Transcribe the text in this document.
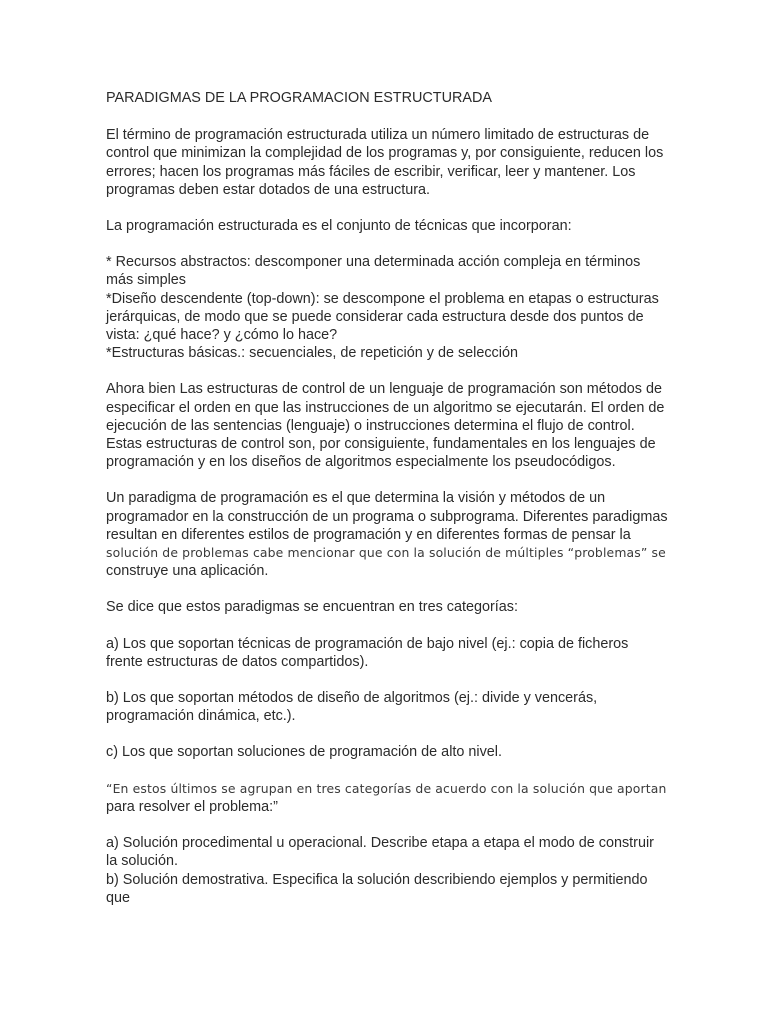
PARADIGMAS DE LA PROGRAMACION ESTRUCTURADA

El término de programación estructurada utiliza un número limitado de estructuras de control que minimizan la complejidad de los programas y, por consiguiente, reducen los errores; hacen los programas más fáciles de escribir, verificar, leer y mantener. Los programas deben estar dotados de una estructura.

La programación estructurada es el conjunto de técnicas que incorporan:

* Recursos abstractos: descomponer una determinada acción compleja en términos más simples

*Diseño descendente (top-down): se descompone el problema en etapas o estructuras jerárquicas, de modo que se puede considerar cada estructura desde dos puntos de vista: ¿qué hace? y ¿cómo lo hace?

*Estructuras básicas.: secuenciales, de repetición y de selección

Ahora bien Las estructuras de control de un lenguaje de programación son métodos de especificar el orden en que las instrucciones de un algoritmo se ejecutarán. El orden de ejecución de las sentencias (lenguaje) o instrucciones determina el flujo de control. Estas estructuras de control son, por consiguiente, fundamentales en los lenguajes de programación y en los diseños de algoritmos especialmente los pseudocódigos.

Un paradigma de programación es el que determina la visión y métodos de un programador en la construcción de un programa o subprograma. Diferentes paradigmas resultan en diferentes estilos de programación y en diferentes formas de pensar la solución de problemas cabe mencionar que con la solución de múltiples “problemas” se construye una aplicación.

Se dice que estos paradigmas se encuentran en tres categorías:

a) Los que soportan técnicas de programación de bajo nivel (ej.: copia de ficheros frente estructuras de datos compartidos).

b) Los que soportan métodos de diseño de algoritmos (ej.: divide y vencerás, programación dinámica, etc.).

c) Los que soportan soluciones de programación de alto nivel.

“En estos últimos se agrupan en tres categorías de acuerdo con la solución que aportan para resolver el problema:”

a) Solución procedimental u operacional. Describe etapa a etapa el modo de construir la solución.

b) Solución demostrativa. Especifica la solución describiendo ejemplos y permitiendo que
